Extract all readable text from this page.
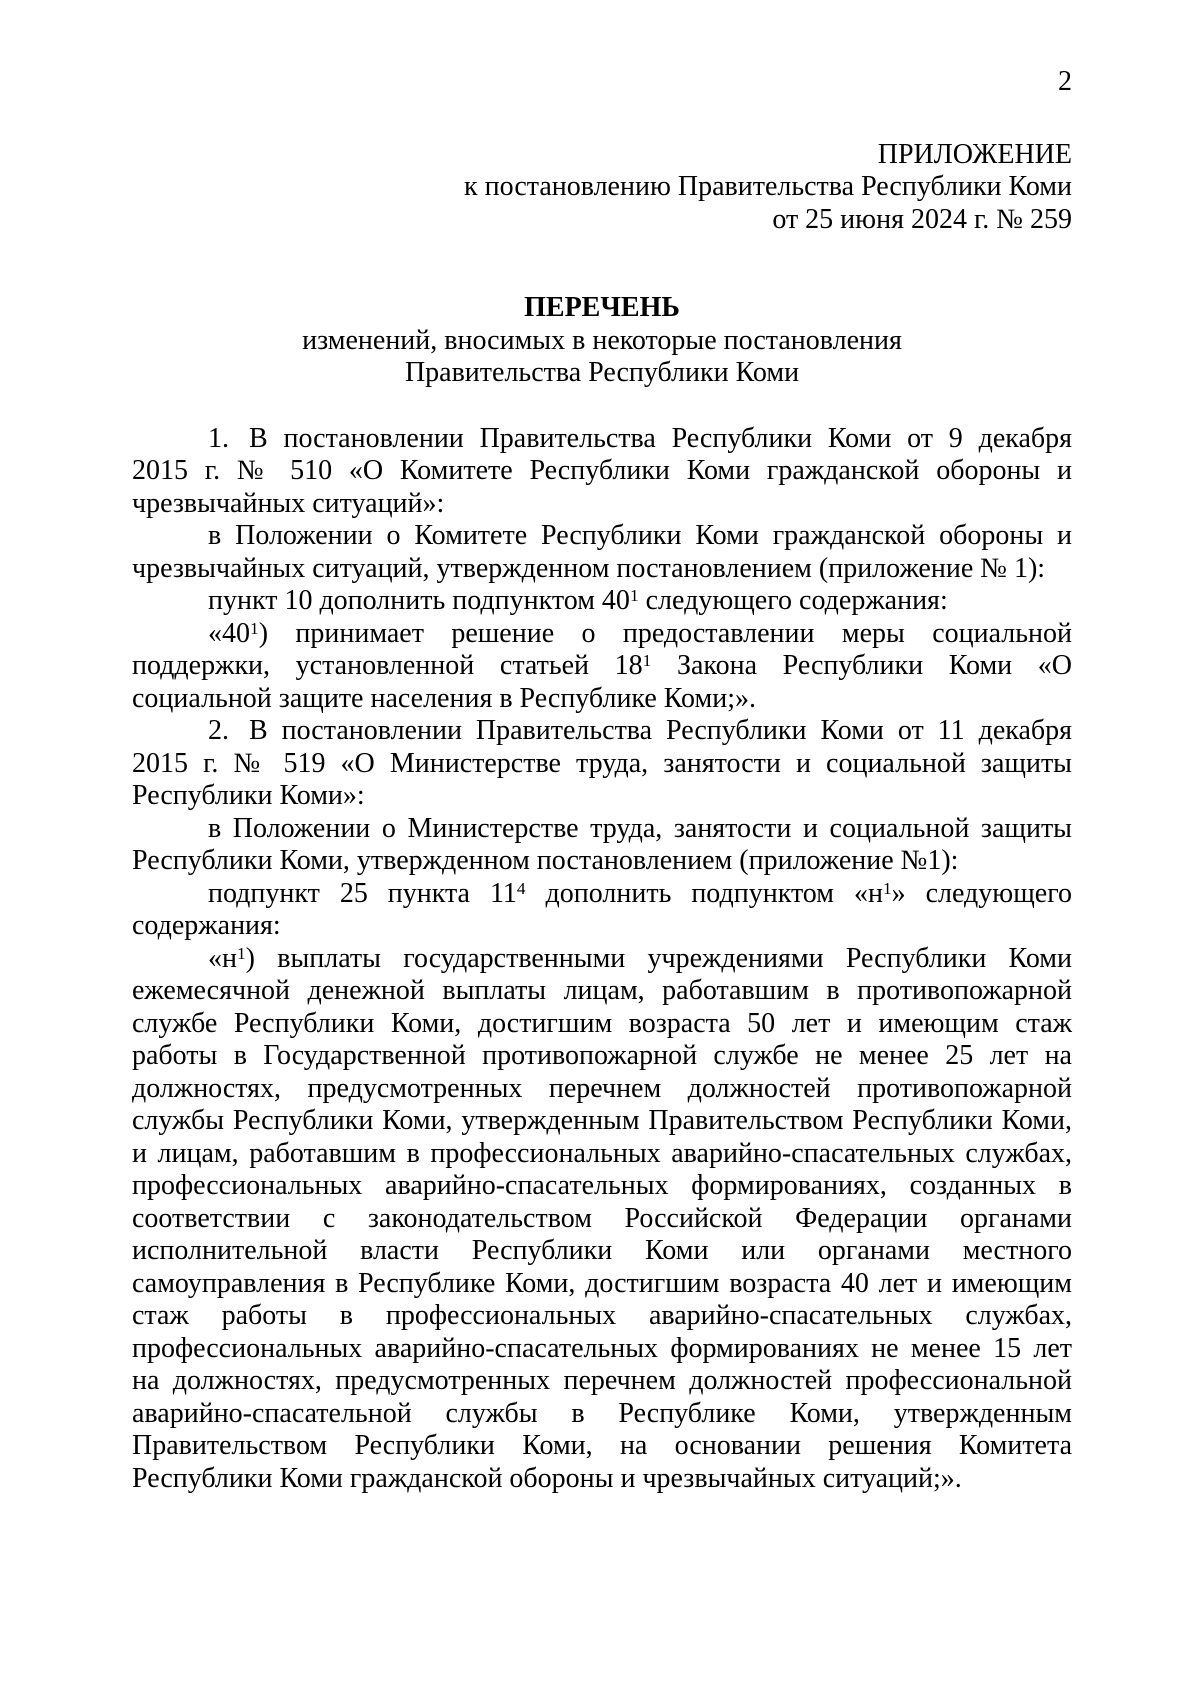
2

ПРИЛОЖЕНИЕ

к постановлению Правительства Республики Коми

от 25 июня 2024 г. № 259

ПЕРЕЧЕНЬ

изменений, вносимых в некоторые постановления

Правительства Республики Коми

1. В постановлении Правительства Республики Коми от 9 декабря 2015 г. № 510 «О Комитете Республики Коми гражданской обороны и чрезвычайных ситуаций»:

в Положении о Комитете Республики Коми гражданской обороны и чрезвычайных ситуаций, утвержденном постановлением (приложение № 1):

пункт 10 дополнить подпунктом $40^1$ следующего содержания:

«$40^1$) принимает решение о предоставлении меры социальной поддержки, установленной статьей $18^1$ Закона Республики Коми «О социальной защите населения в Республике Коми;».

2. В постановлении Правительства Республики Коми от 11 декабря 2015 г. № 519 «О Министерстве труда, занятости и социальной защиты Республики Коми»:

в Положении о Министерстве труда, занятости и социальной защиты Республики Коми, утвержденном постановлением (приложение №1):

подпункт 25 пункта $11^4$ дополнить подпунктом «$н^1$» следующего содержания:

«$н^1$) выплаты государственными учреждениями Республики Коми ежемесячной денежной выплаты лицам, работавшим в противопожарной службе Республики Коми, достигшим возраста 50 лет и имеющим стаж работы в Государственной противопожарной службе не менее 25 лет на должностях, предусмотренных перечнем должностей противопожарной службы Республики Коми, утвержденным Правительством Республики Коми, и лицам, работавшим в профессиональных аварийно-спасательных службах, профессиональных аварийно-спасательных формированиях, созданных в соответствии с законодательством Российской Федерации органами исполнительной власти Республики Коми или органами местного самоуправления в Республике Коми, достигшим возраста 40 лет и имеющим стаж работы в профессиональных аварийно-спасательных службах, профессиональных аварийно-спасательных формированиях не менее 15 лет на должностях, предусмотренных перечнем должностей профессиональной аварийно-спасательной службы в Республике Коми, утвержденным Правительством Республики Коми, на основании решения Комитета Республики Коми гражданской обороны и чрезвычайных ситуаций;».
